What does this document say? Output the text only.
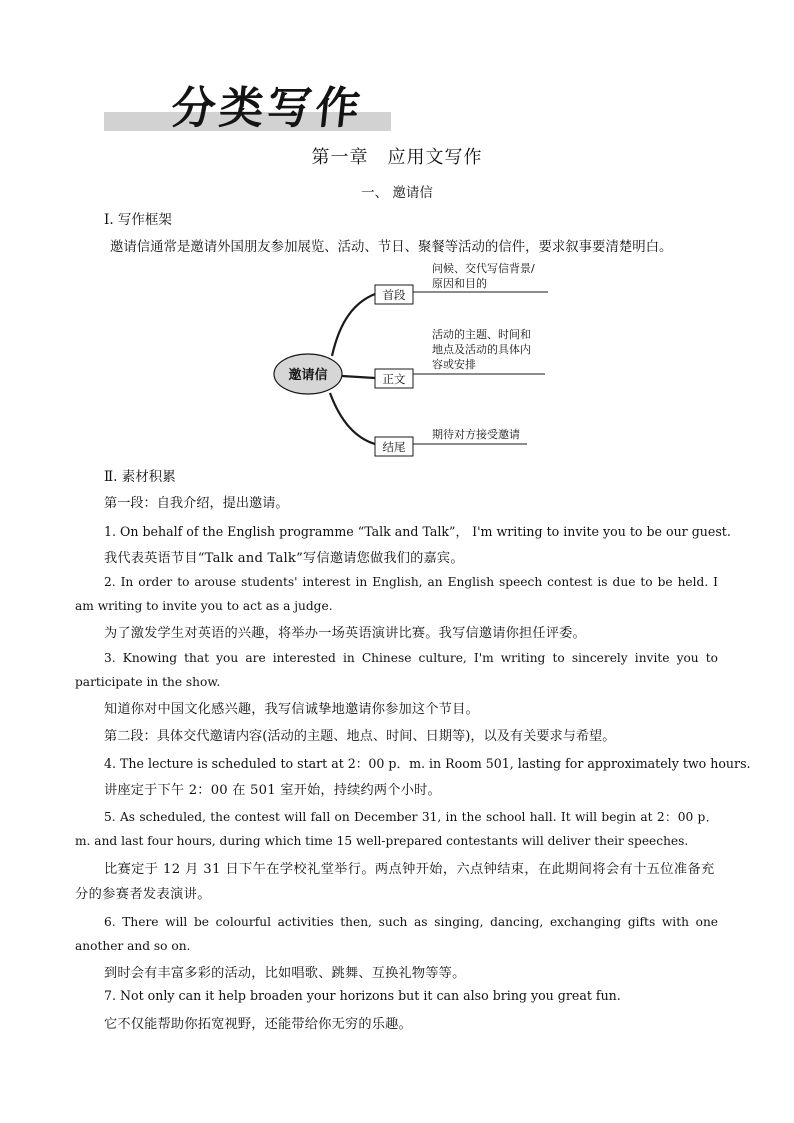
分类写作
第一章　应用文写作
一、 邀请信
Ⅰ. 写作框架
邀请信通常是邀请外国朋友参加展览、活动、节日、聚餐等活动的信件，要求叙事要清楚明白。
邀请信
首段
问候、交代写信背景/
原因和目的
正文
活动的主题、时间和
地点及活动的具体内
容或安排
结尾
期待对方接受邀请
Ⅱ. 素材积累
第一段：自我介绍，提出邀请。
1. On behalf of the English programme “Talk and Talk”， I'm writing to invite you to be our guest.
我代表英语节目“Talk and Talk”写信邀请您做我们的嘉宾。
2. In order to arouse students' interest in English, an English speech contest is due to be held. I am writing to invite you to act as a judge.
为了激发学生对英语的兴趣，将举办一场英语演讲比赛。我写信邀请你担任评委。
3. Knowing that you are interested in Chinese culture, I'm writing to sincerely invite you to participate in the show.
知道你对中国文化感兴趣，我写信诚挚地邀请你参加这个节目。
第二段：具体交代邀请内容(活动的主题、地点、时间、日期等)，以及有关要求与希望。
4. The lecture is scheduled to start at 2：00 p．m. in Room 501, lasting for approximately two hours.
讲座定于下午 2：00 在 501 室开始，持续约两个小时。
5. As scheduled, the contest will fall on December 31, in the school hall. It will begin at 2：00 p．m. and last four hours, during which time 15 well-prepared contestants will deliver their speeches.
比赛定于 12 月 31 日下午在学校礼堂举行。两点钟开始，六点钟结束，在此期间将会有十五位准备充分的参赛者发表演讲。
6. There will be colourful activities then, such as singing, dancing, exchanging gifts with one another and so on.
到时会有丰富多彩的活动，比如唱歌、跳舞、互换礼物等等。
7. Not only can it help broaden your horizons but it can also bring you great fun.
它不仅能帮助你拓宽视野，还能带给你无穷的乐趣。
